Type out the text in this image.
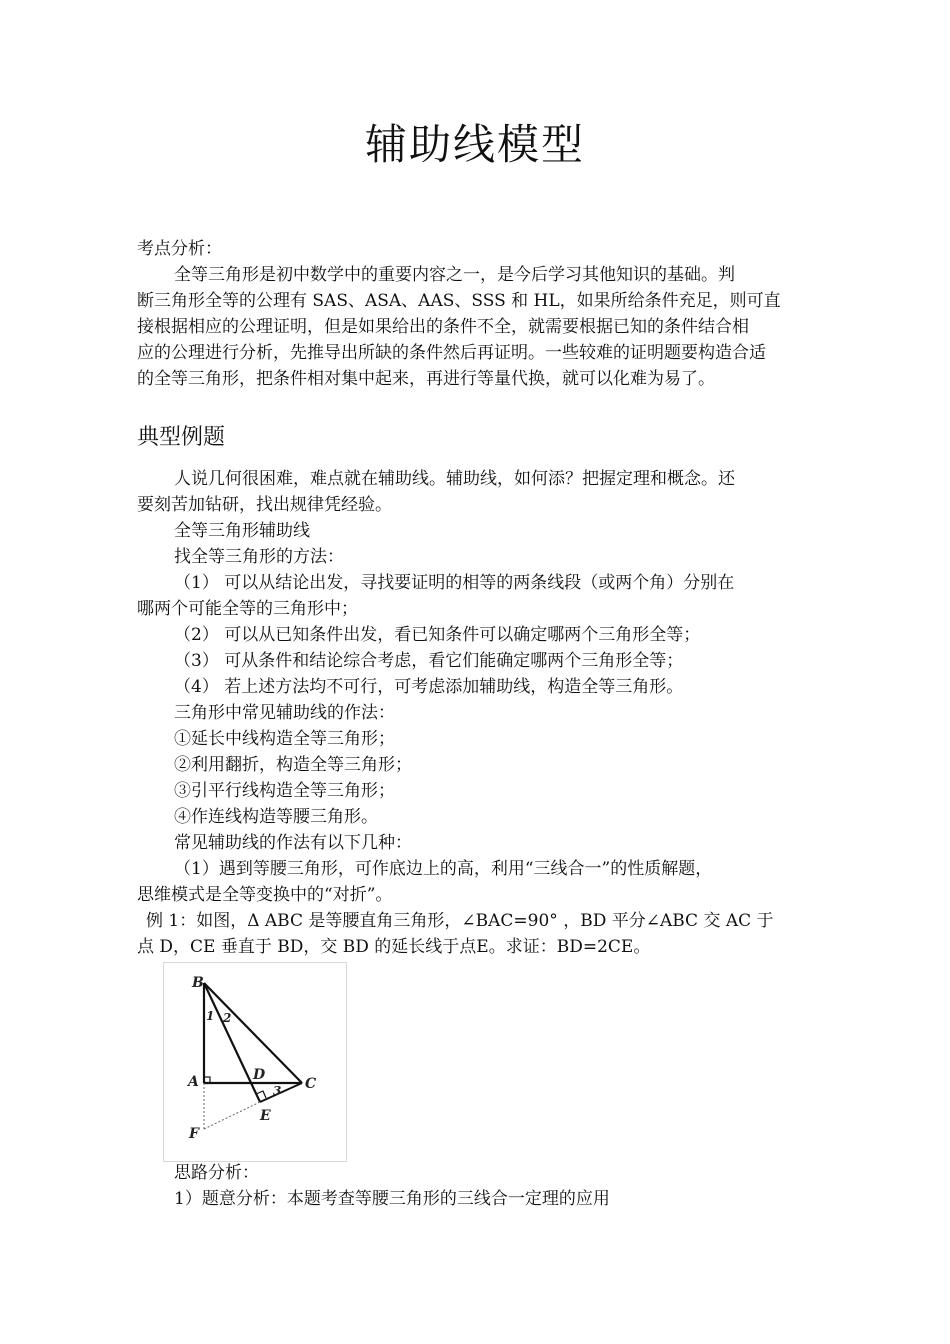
辅助线模型
考点分析：
全等三角形是初中数学中的重要内容之一，是今后学习其他知识的基础。判
断三角形全等的公理有 SAS、ASA、AAS、SSS 和 HL，如果所给条件充足，则可直
接根据相应的公理证明，但是如果给出的条件不全，就需要根据已知的条件结合相
应的公理进行分析，先推导出所缺的条件然后再证明。一些较难的证明题要构造合适
的全等三角形，把条件相对集中起来，再进行等量代换，就可以化难为易了。
典型例题
人说几何很困难，难点就在辅助线。辅助线，如何添？把握定理和概念。还
要刻苦加钻研，找出规律凭经验。
全等三角形辅助线
找全等三角形的方法：
（1） 可以从结论出发，寻找要证明的相等的两条线段（或两个角）分别在
哪两个可能全等的三角形中；
（2） 可以从已知条件出发，看已知条件可以确定哪两个三角形全等；
（3） 可从条件和结论综合考虑，看它们能确定哪两个三角形全等；
（4） 若上述方法均不可行，可考虑添加辅助线，构造全等三角形。
三角形中常见辅助线的作法：
①延长中线构造全等三角形；
②利用翻折，构造全等三角形；
③引平行线构造全等三角形；
④作连线构造等腰三角形。
常见辅助线的作法有以下几种：
（1）遇到等腰三角形，可作底边上的高，利用“三线合一”的性质解题，
思维模式是全等变换中的“对折”。
例 1：如图，Δ ABC 是等腰直角三角形，∠BAC=90° ，BD 平分∠ABC 交 AC 于
点 D，CE 垂直于 BD，交 BD 的延长线于点E。求证：BD=2CE。
B
A	C
D
E
F
1 2
3
思路分析：
1）题意分析：本题考查等腰三角形的三线合一定理的应用
